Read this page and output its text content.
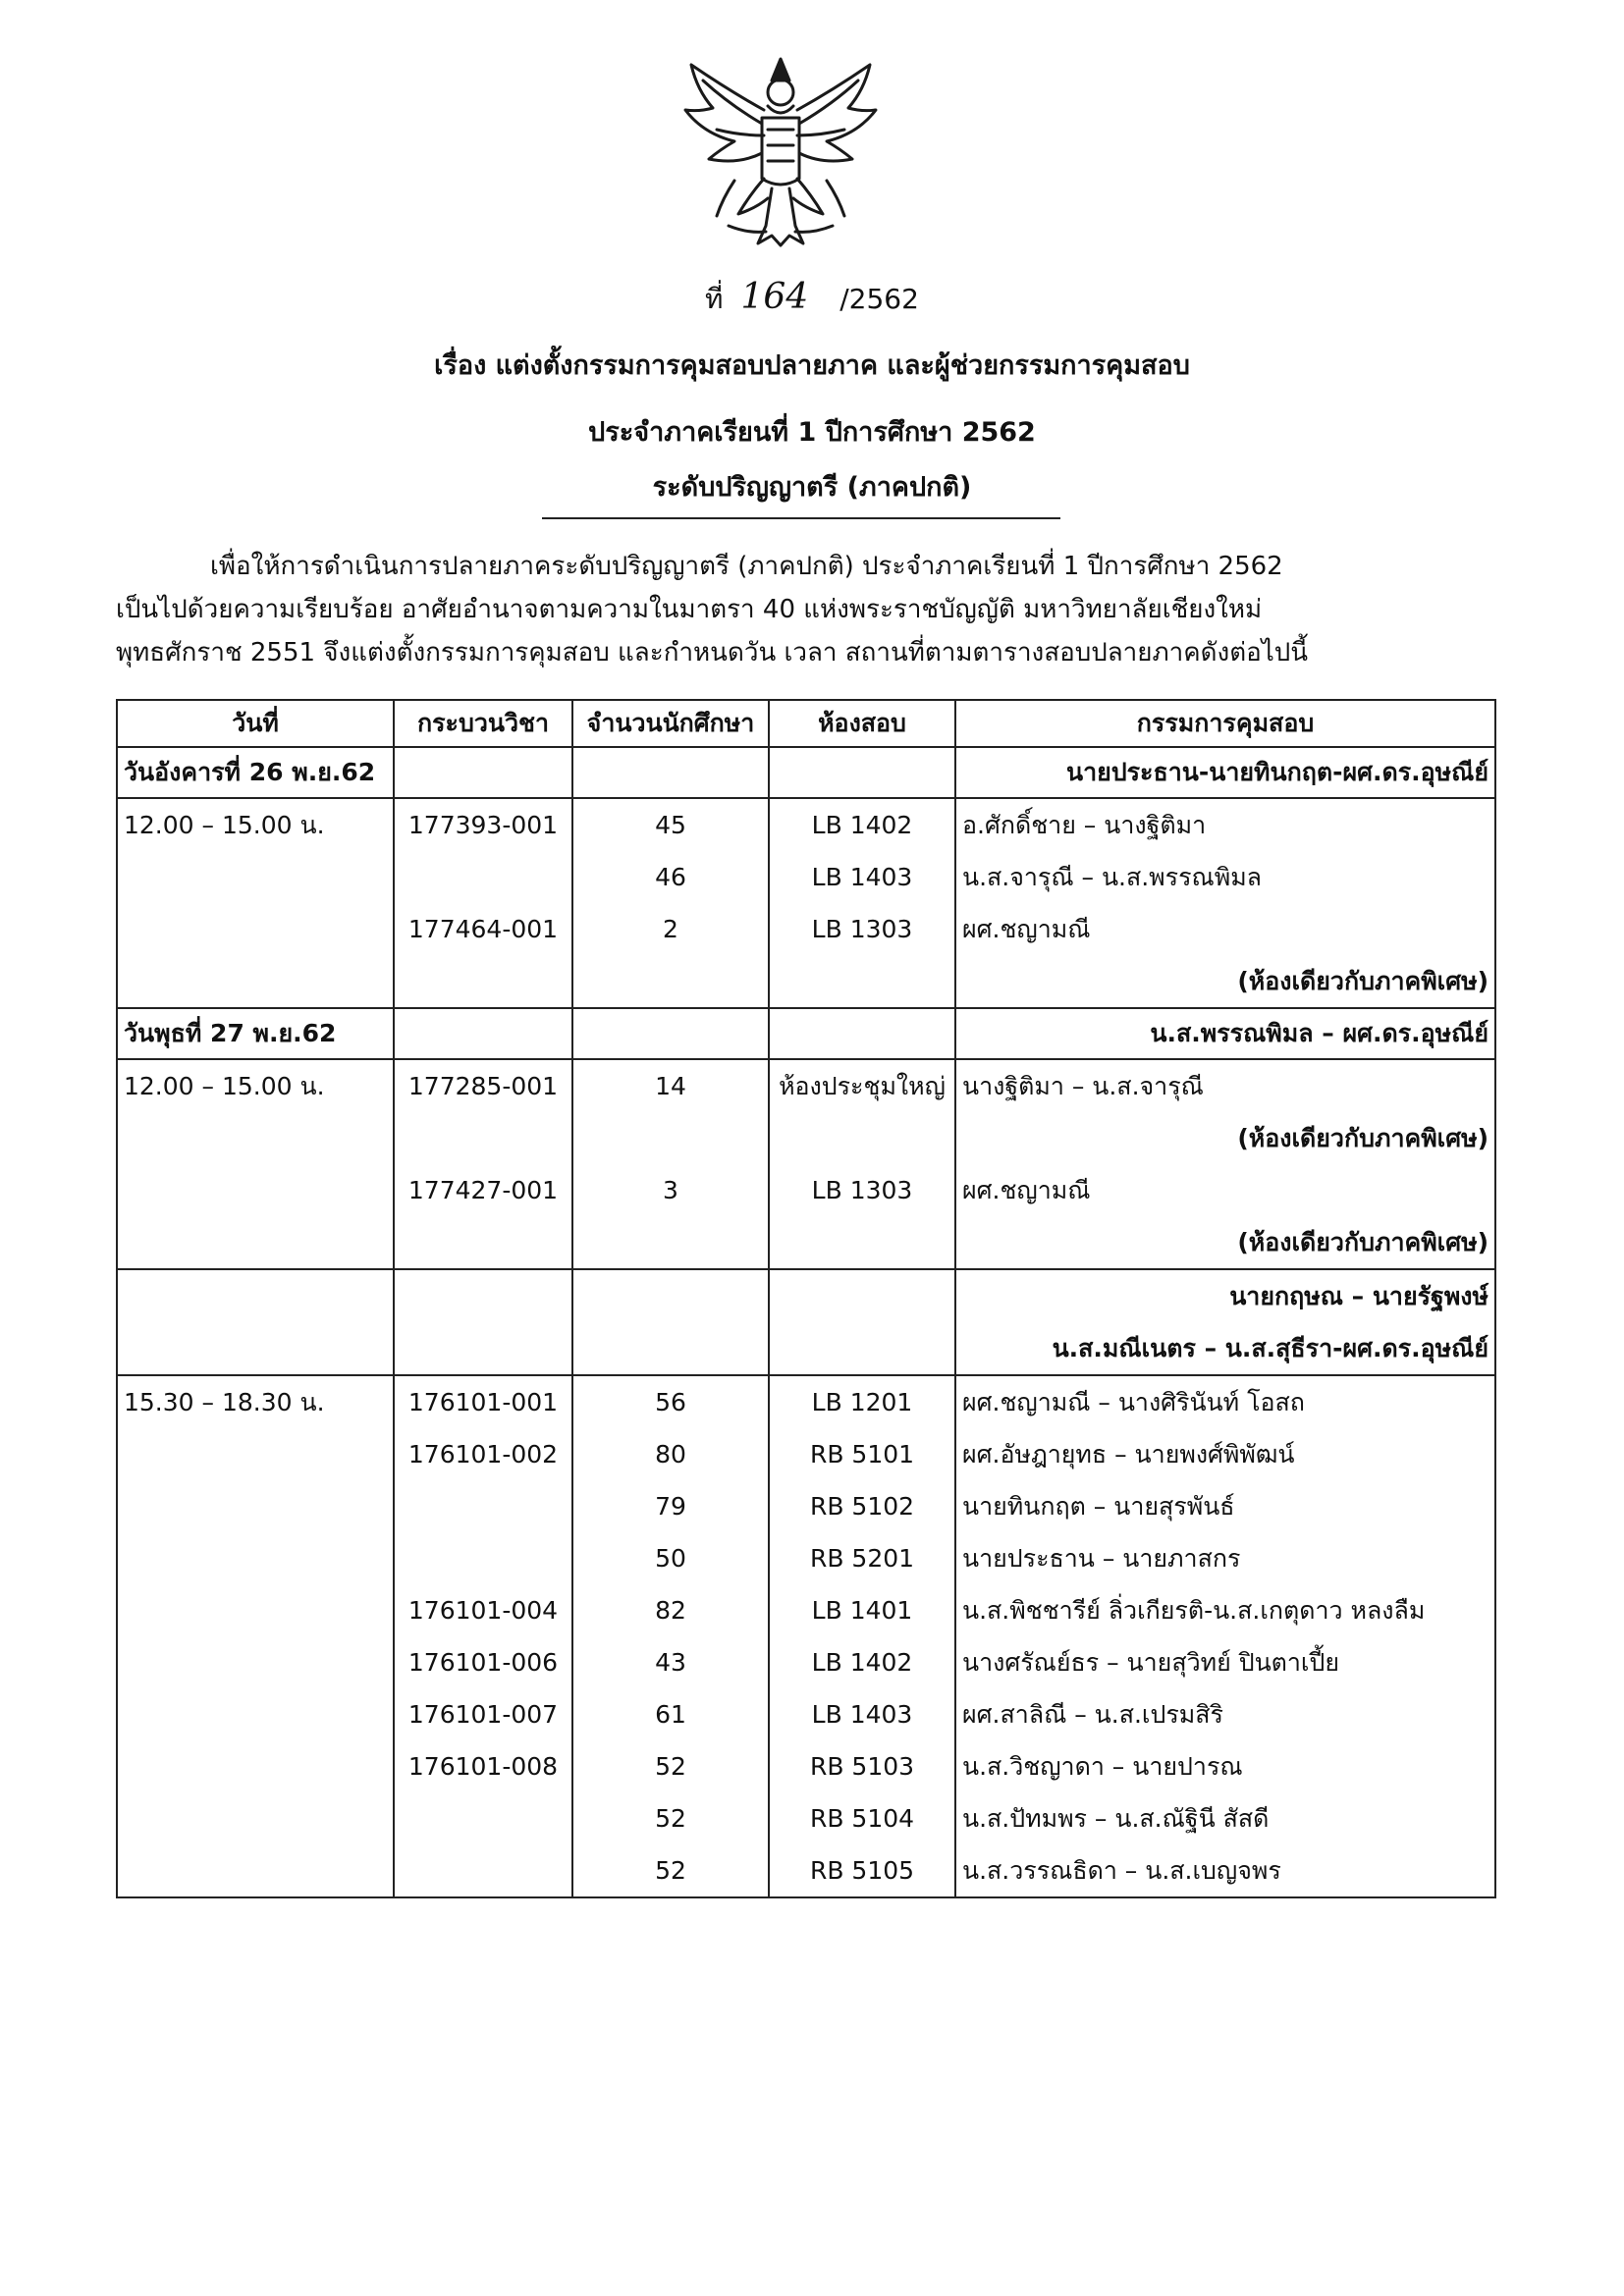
ที่ 164 /2562
เรื่อง แต่งตั้งกรรมการคุมสอบปลายภาค และผู้ช่วยกรรมการคุมสอบ
ประจำภาคเรียนที่ 1 ปีการศึกษา 2562
ระดับปริญญาตรี (ภาคปกติ)

เพื่อให้การดำเนินการปลายภาคระดับปริญญาตรี (ภาคปกติ) ประจำภาคเรียนที่ 1 ปีการศึกษา 2562

เป็นไปด้วยความเรียบร้อย อาศัยอำนาจตามความในมาตรา 40 แห่งพระราชบัญญัติ มหาวิทยาลัยเชียงใหม่

พุทธศักราช 2551 จึงแต่งตั้งกรรมการคุมสอบ และกำหนดวัน เวลา สถานที่ตามตารางสอบปลายภาคดังต่อไปนี้

วันที่	กระบวนวิชา	จำนวนนักศึกษา	ห้องสอบ	กรรมการคุมสอบ
วันอังคารที่ 26 พ.ย.62				นายประธาน-นายทินกฤต-ผศ.ดร.อุษณีย์
12.00 – 15.00 น.	177393-001	45	LB 1402	อ.ศักดิ์ชาย – นางฐิติมา
		46	LB 1403	น.ส.จารุณี – น.ส.พรรณพิมล
	177464-001	2	LB 1303	ผศ.ชญามณี
				(ห้องเดียวกับภาคพิเศษ)
วันพุธที่ 27 พ.ย.62				น.ส.พรรณพิมล – ผศ.ดร.อุษณีย์
12.00 – 15.00 น.	177285-001	14	ห้องประชุมใหญ่	นางฐิติมา – น.ส.จารุณี
				(ห้องเดียวกับภาคพิเศษ)
	177427-001	3	LB 1303	ผศ.ชญามณี
				(ห้องเดียวกับภาคพิเศษ)
				นายกฤษณ – นายรัฐพงษ์
				น.ส.มณีเนตร – น.ส.สุธีรา-ผศ.ดร.อุษณีย์
15.30 – 18.30 น.	176101-001	56	LB 1201	ผศ.ชญามณี – นางศิรินันท์ โอสถ
	176101-002	80	RB 5101	ผศ.อัษฎายุทธ – นายพงศ์พิพัฒน์
		79	RB 5102	นายทินกฤต – นายสุรพันธ์
		50	RB 5201	นายประธาน – นายภาสกร
	176101-004	82	LB 1401	น.ส.พิชชารีย์ ลิ่วเกียรติ-น.ส.เกตุดาว หลงลืม
	176101-006	43	LB 1402	นางศรัณย์ธร – นายสุวิทย์ ปินตาเปี้ย
	176101-007	61	LB 1403	ผศ.สาลิณี – น.ส.เปรมสิริ
	176101-008	52	RB 5103	น.ส.วิชญาดา – นายปารณ
		52	RB 5104	น.ส.ปัทมพร – น.ส.ณัฐินี สัสดี
		52	RB 5105	น.ส.วรรณธิดา – น.ส.เบญจพร
